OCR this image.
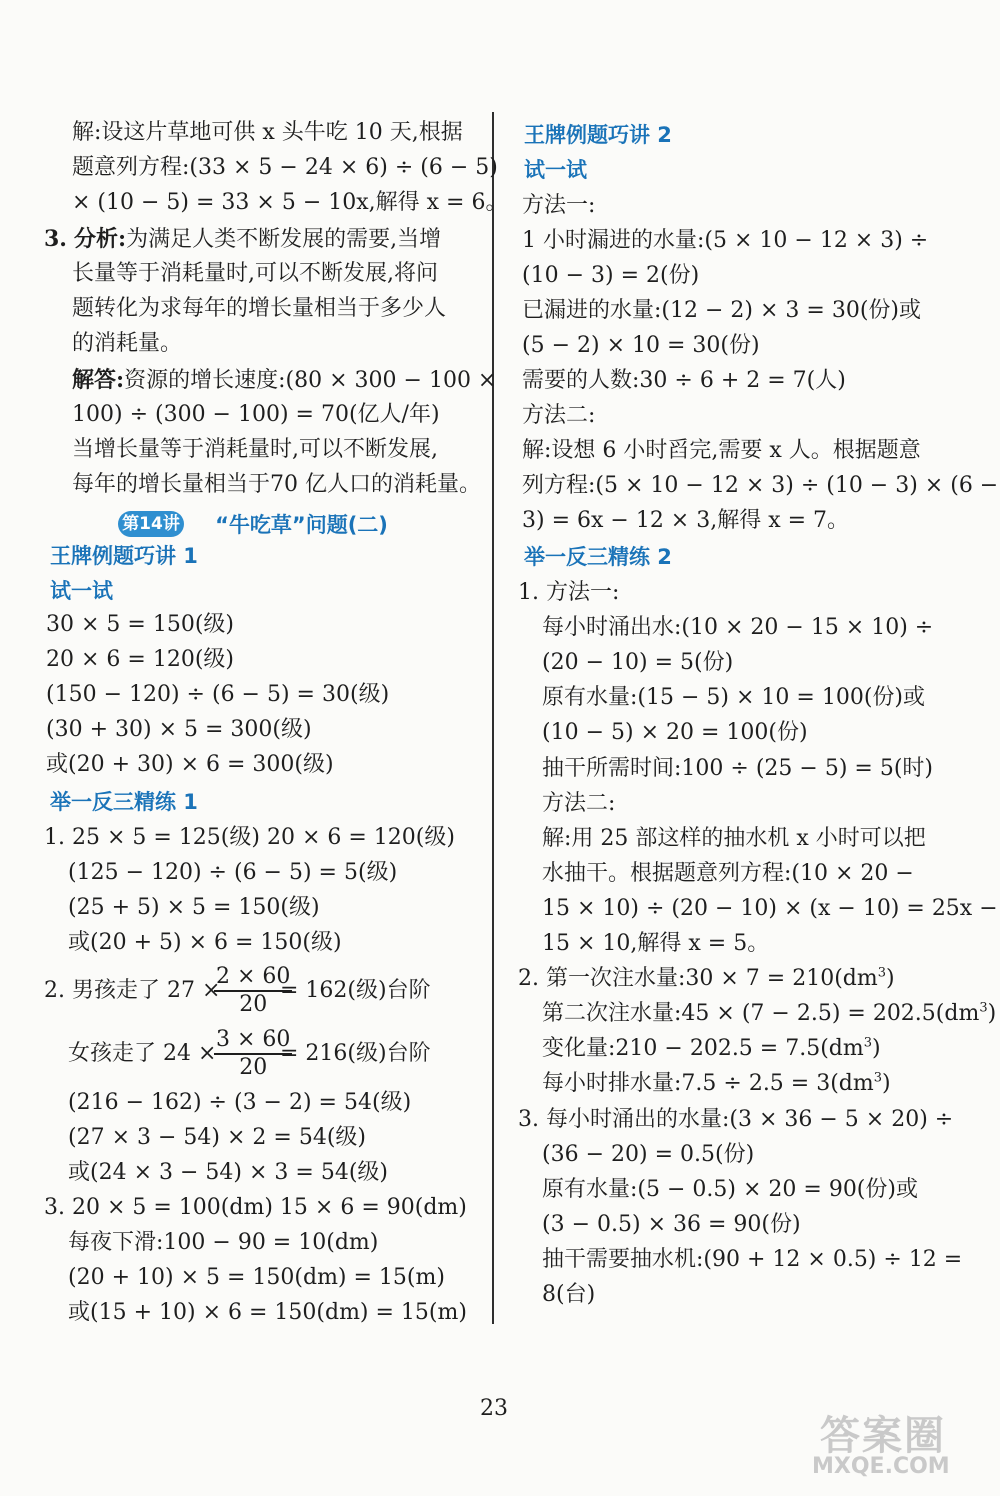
解:设这片草地可供 x 头牛吃 10 天,根据
题意列方程:(33 × 5 − 24 × 6) ÷ (6 − 5)
× (10 − 5) = 33 × 5 − 10x,解得 x = 6。
3. 分析:为满足人类不断发展的需要,当增
长量等于消耗量时,可以不断发展,将问
题转化为求每年的增长量相当于多少人
的消耗量。
解答:资源的增长速度:(80 × 300 − 100 ×
100) ÷ (300 − 100) = 70(亿人/年)
当增长量等于消耗量时,可以不断发展,
每年的增长量相当于70 亿人口的消耗量。
第14讲 “牛吃草”问题(二)
王牌例题巧讲 1
试一试
30 × 5 = 150(级)
20 × 6 = 120(级)
(150 − 120) ÷ (6 − 5) = 30(级)
(30 + 30) × 5 = 300(级)
或(20 + 30) × 6 = 300(级)
举一反三精练 1
1. 25 × 5 = 125(级) 20 × 6 = 120(级)
(125 − 120) ÷ (6 − 5) = 5(级)
(25 + 5) × 5 = 150(级)
或(20 + 5) × 6 = 150(级)
2. 男孩走了 27 ×
$\frac{2 \times 60}{20}$
= 162(级)台阶
女孩走了 24 ×
$\frac{3 \times 60}{20}$
= 216(级)台阶
(216 − 162) ÷ (3 − 2) = 54(级)
(27 × 3 − 54) × 2 = 54(级)
或(24 × 3 − 54) × 3 = 54(级)
3. 20 × 5 = 100(dm) 15 × 6 = 90(dm)
每夜下滑:100 − 90 = 10(dm)
(20 + 10) × 5 = 150(dm) = 15(m)
或(15 + 10) × 6 = 150(dm) = 15(m)
王牌例题巧讲 2
试一试
方法一:
1 小时漏进的水量:(5 × 10 − 12 × 3) ÷
(10 − 3) = 2(份)
已漏进的水量:(12 − 2) × 3 = 30(份)或
(5 − 2) × 10 = 30(份)
需要的人数:30 ÷ 6 + 2 = 7(人)
方法二:
解:设想 6 小时舀完,需要 x 人。根据题意
列方程:(5 × 10 − 12 × 3) ÷ (10 − 3) × (6 −
3) = 6x − 12 × 3,解得 x = 7。
举一反三精练 2
1. 方法一:
每小时涌出水:(10 × 20 − 15 × 10) ÷
(20 − 10) = 5(份)
原有水量:(15 − 5) × 10 = 100(份)或
(10 − 5) × 20 = 100(份)
抽干所需时间:100 ÷ (25 − 5) = 5(时)
方法二:
解:用 25 部这样的抽水机 x 小时可以把
水抽干。根据题意列方程:(10 × 20 −
15 × 10) ÷ (20 − 10) × (x − 10) = 25x −
15 × 10,解得 x = 5。
2. 第一次注水量:30 × $7 = 210(dm^3)$
第二次注水量:45 × $(7 - 2.5) = 202.5(dm^3)$
变化量:210 − $202.5 = 7.5(dm^3)$
每小时排水量:7.5 ÷ $2.5 = 3(dm^3)$
3. 每小时涌出的水量:(3 × 36 − 5 × 20) ÷
(36 − 20) = 0.5(份)
原有水量:(5 − 0.5) × 20 = 90(份)或
(3 − 0.5) × 36 = 90(份)
抽干需要抽水机:(90 + 12 × 0.5) ÷ 12 =
8(台)
23
答案圈
MXQE.COM
